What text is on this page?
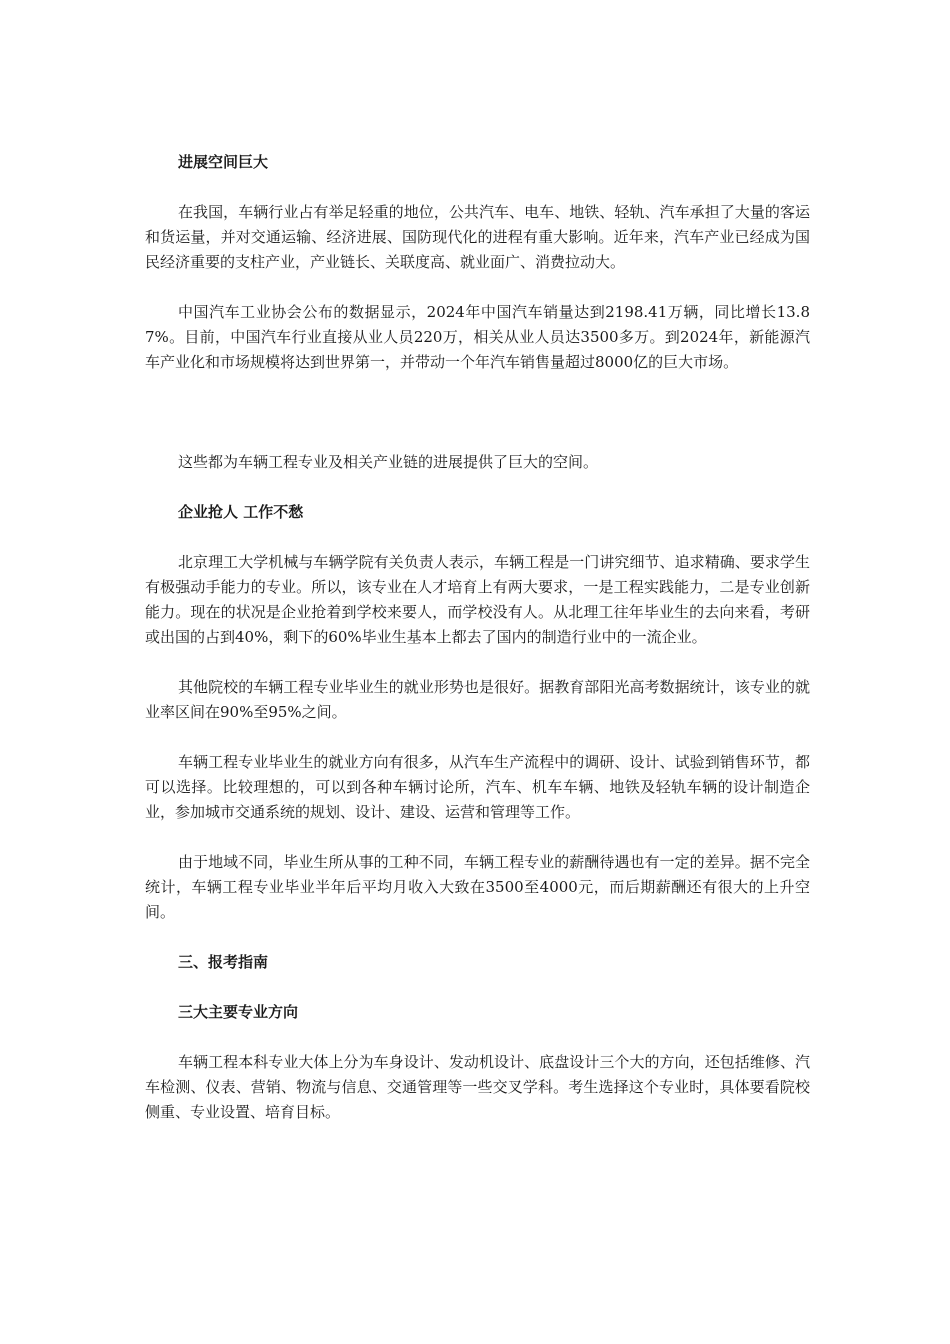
进展空间巨大

在我国，车辆行业占有举足轻重的地位，公共汽车、电车、地铁、轻轨、汽车承担了大量的客运和货运量，并对交通运输、经济进展、国防现代化的进程有重大影响。近年来，汽车产业已经成为国民经济重要的支柱产业，产业链长、关联度高、就业面广、消费拉动大。

中国汽车工业协会公布的数据显示，2024年中国汽车销量达到2198.41万辆，同比增长13.87%。目前，中国汽车行业直接从业人员220万，相关从业人员达3500多万。到2024年，新能源汽车产业化和市场规模将达到世界第一，并带动一个年汽车销售量超过8000亿的巨大市场。

这些都为车辆工程专业及相关产业链的进展提供了巨大的空间。

企业抢人 工作不愁

北京理工大学机械与车辆学院有关负责人表示，车辆工程是一门讲究细节、追求精确、要求学生有极强动手能力的专业。所以，该专业在人才培育上有两大要求，一是工程实践能力，二是专业创新能力。现在的状况是企业抢着到学校来要人，而学校没有人。从北理工往年毕业生的去向来看，考研或出国的占到40%，剩下的60%毕业生基本上都去了国内的制造行业中的一流企业。

其他院校的车辆工程专业毕业生的就业形势也是很好。据教育部阳光高考数据统计，该专业的就业率区间在90%至95%之间。

车辆工程专业毕业生的就业方向有很多，从汽车生产流程中的调研、设计、试验到销售环节，都可以选择。比较理想的，可以到各种车辆讨论所，汽车、机车车辆、地铁及轻轨车辆的设计制造企业，参加城市交通系统的规划、设计、建设、运营和管理等工作。

由于地域不同，毕业生所从事的工种不同，车辆工程专业的薪酬待遇也有一定的差异。据不完全统计，车辆工程专业毕业半年后平均月收入大致在3500至4000元，而后期薪酬还有很大的上升空间。

三、报考指南

三大主要专业方向

车辆工程本科专业大体上分为车身设计、发动机设计、底盘设计三个大的方向，还包括维修、汽车检测、仪表、营销、物流与信息、交通管理等一些交叉学科。考生选择这个专业时，具体要看院校侧重、专业设置、培育目标。
